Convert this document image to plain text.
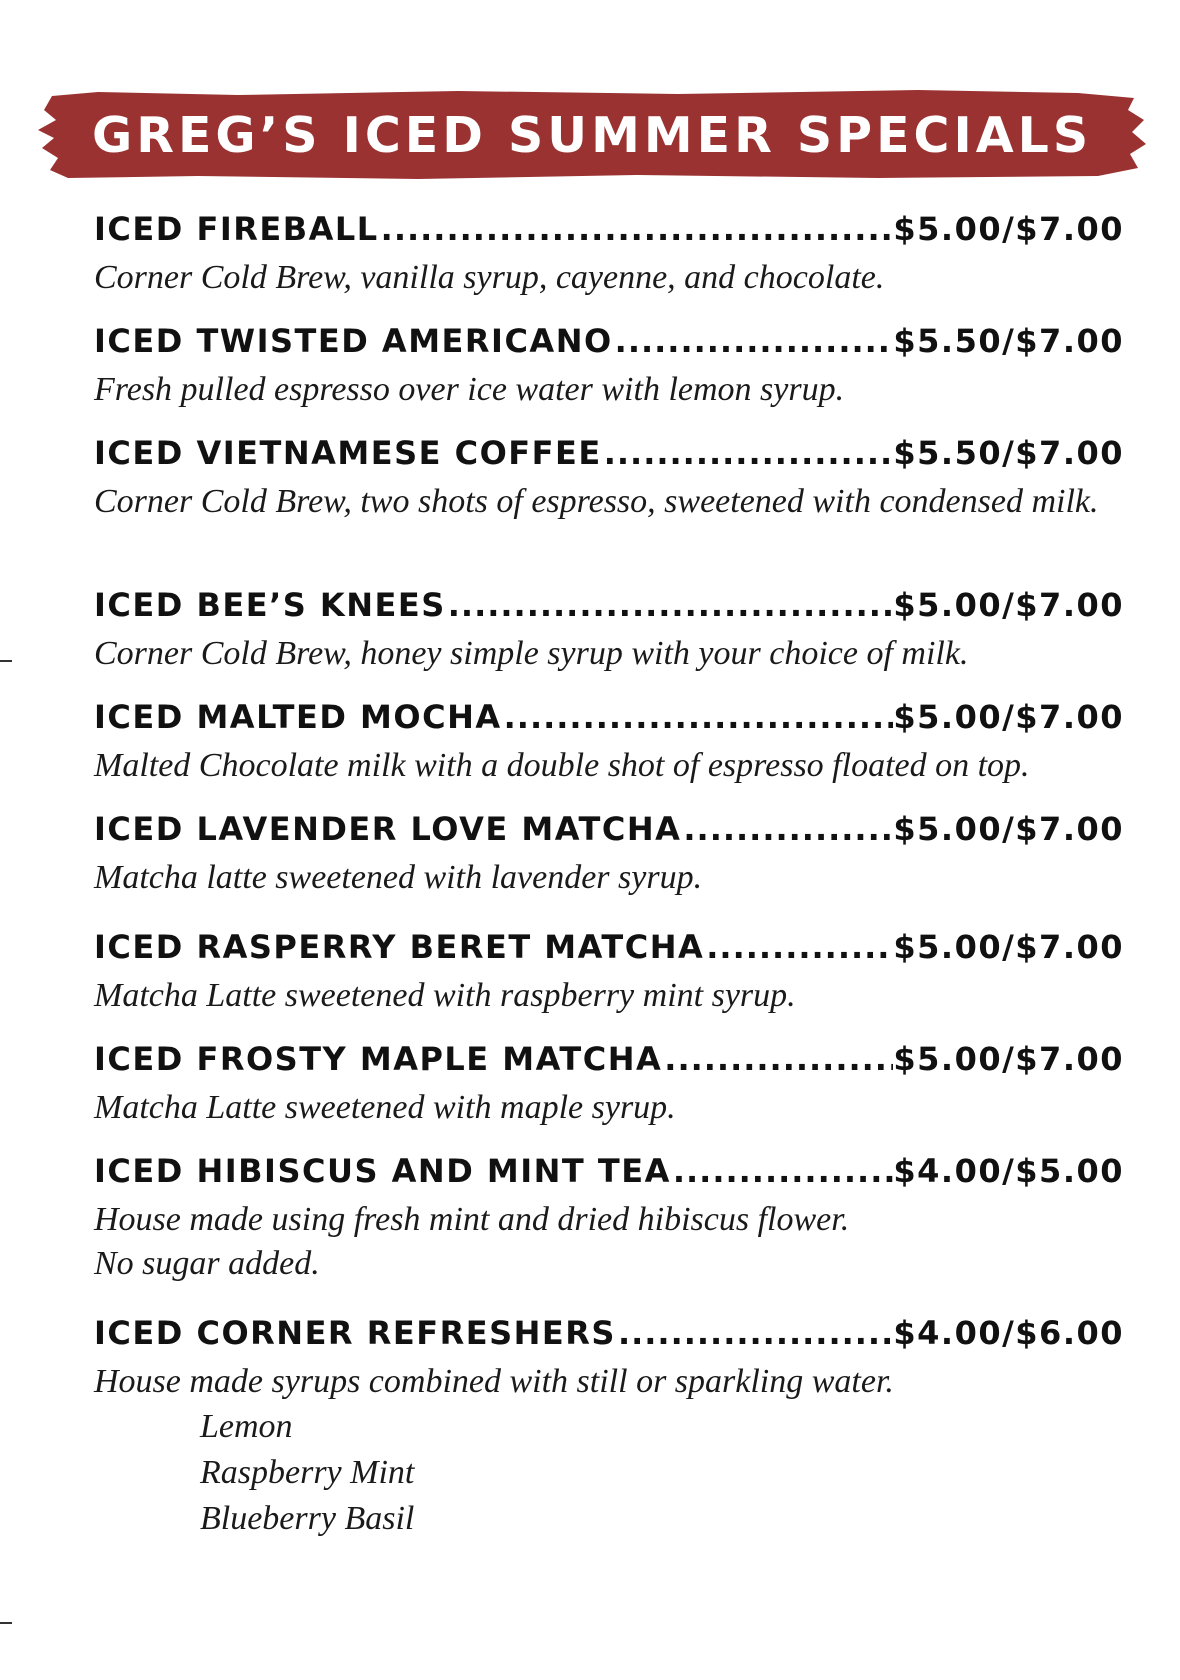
GREG’S ICED SUMMER SPECIALS
ICED FIREBALL .....	$5.00/$7.00
Corner Cold Brew, vanilla syrup, cayenne, and chocolate.
ICED TWISTED AMERICANO .....	$5.50/$7.00
Fresh pulled espresso over ice water with lemon syrup.
ICED VIETNAMESE COFFEE .....	$5.50/$7.00
Corner Cold Brew, two shots of espresso, sweetened with condensed milk.
ICED BEE’S KNEES .....	$5.00/$7.00
Corner Cold Brew, honey simple syrup with your choice of milk.
ICED MALTED MOCHA .....	$5.00/$7.00
Malted Chocolate milk with a double shot of espresso floated on top.
ICED LAVENDER LOVE MATCHA .....	$5.00/$7.00
Matcha latte sweetened with lavender syrup.
ICED RASPERRY BERET MATCHA .....	$5.00/$7.00
Matcha Latte sweetened with raspberry mint syrup.
ICED FROSTY MAPLE MATCHA .....	$5.00/$7.00
Matcha Latte sweetened with maple syrup.
ICED HIBISCUS AND MINT TEA .....	$4.00/$5.00
House made using fresh mint and dried hibiscus flower.
No sugar added.
ICED CORNER REFRESHERS .....	$4.00/$6.00
House made syrups combined with still or sparkling water.
Lemon
Raspberry Mint
Blueberry Basil
